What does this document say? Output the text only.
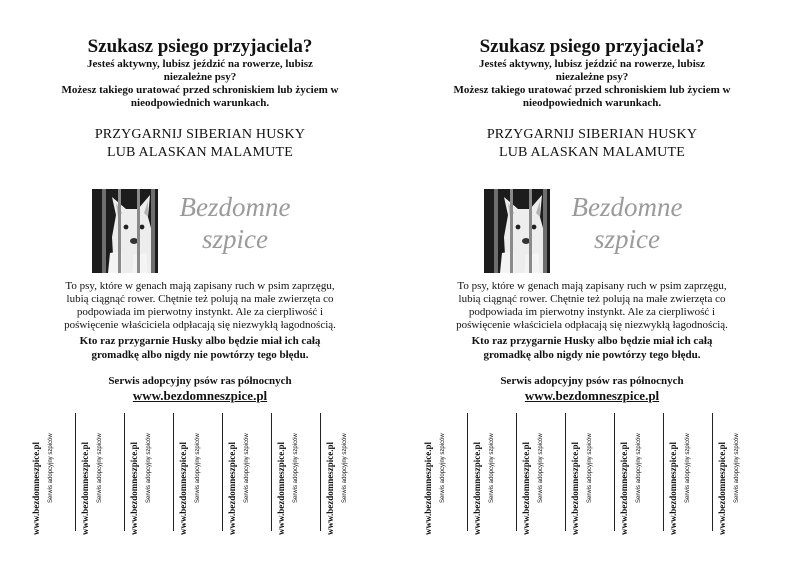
Szukasz psiego przyjaciela?
Jesteś aktywny, lubisz jeździć na rowerze, lubisz
niezależne psy?
Możesz takiego uratować przed schroniskiem lub życiem w
nieodpowiednich warunkach.
PRZYGARNIJ SIBERIAN HUSKY
LUB ALASKAN MALAMUTE
Bezdomne
szpice
To psy, które w genach mają zapisany ruch w psim zaprzęgu,
lubią ciągnąć rower. Chętnie też polują na małe zwierzęta co
podpowiada im pierwotny instynkt. Ale za cierpliwość i
poświęcenie właściciela odpłacają się niezwykłą łagodnością.
Kto raz przygarnie Husky albo będzie miał ich całą
gromadkę albo nigdy nie powtórzy tego błędu.
Serwis adopcyjny psów ras północnych
www.bezdomneszpice.pl
www.bezdomneszpice.pl Serwis adopcyjny szpiców	www.bezdomneszpice.pl Serwis adopcyjny szpiców	www.bezdomneszpice.pl Serwis adopcyjny szpiców	www.bezdomneszpice.pl Serwis adopcyjny szpiców	www.bezdomneszpice.pl Serwis adopcyjny szpiców	www.bezdomneszpice.pl Serwis adopcyjny szpiców	www.bezdomneszpice.pl Serwis adopcyjny szpiców
Szukasz psiego przyjaciela?
Jesteś aktywny, lubisz jeździć na rowerze, lubisz
niezależne psy?
Możesz takiego uratować przed schroniskiem lub życiem w
nieodpowiednich warunkach.
PRZYGARNIJ SIBERIAN HUSKY
LUB ALASKAN MALAMUTE
Bezdomne
szpice
To psy, które w genach mają zapisany ruch w psim zaprzęgu,
lubią ciągnąć rower. Chętnie też polują na małe zwierzęta co
podpowiada im pierwotny instynkt. Ale za cierpliwość i
poświęcenie właściciela odpłacają się niezwykłą łagodnością.
Kto raz przygarnie Husky albo będzie miał ich całą
gromadkę albo nigdy nie powtórzy tego błędu.
Serwis adopcyjny psów ras północnych
www.bezdomneszpice.pl
www.bezdomneszpice.pl Serwis adopcyjny szpiców	www.bezdomneszpice.pl Serwis adopcyjny szpiców	www.bezdomneszpice.pl Serwis adopcyjny szpiców	www.bezdomneszpice.pl Serwis adopcyjny szpiców	www.bezdomneszpice.pl Serwis adopcyjny szpiców	www.bezdomneszpice.pl Serwis adopcyjny szpiców	www.bezdomneszpice.pl Serwis adopcyjny szpiców
